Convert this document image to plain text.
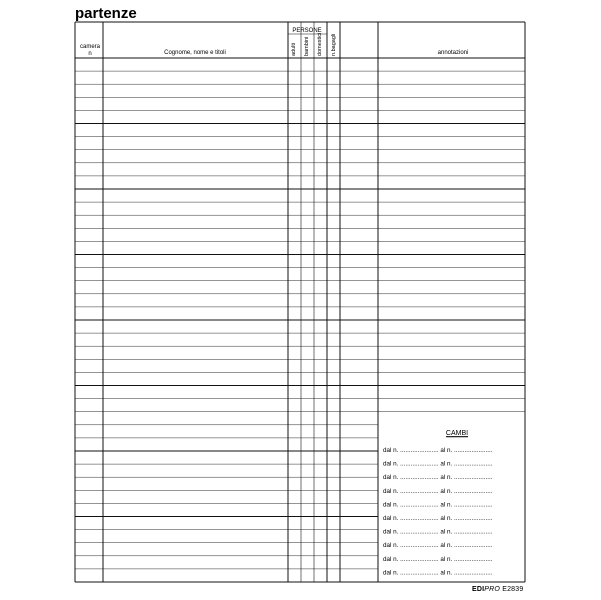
partenze
camera
n	Cognome, nome e titoli
PERSONE
adulti bambini domestici n.bagagli	annotazioni
CAMBI
dal n. ...................... al n. ......................
dal n. ...................... al n. ......................
dal n. ...................... al n. ......................
dal n. ...................... al n. ......................
dal n. ...................... al n. ......................
dal n. ...................... al n. ......................
dal n. ...................... al n. ......................
dal n. ...................... al n. ......................
dal n. ...................... al n. ......................
dal n. ...................... al n. ......................
EDIPRO E2839
